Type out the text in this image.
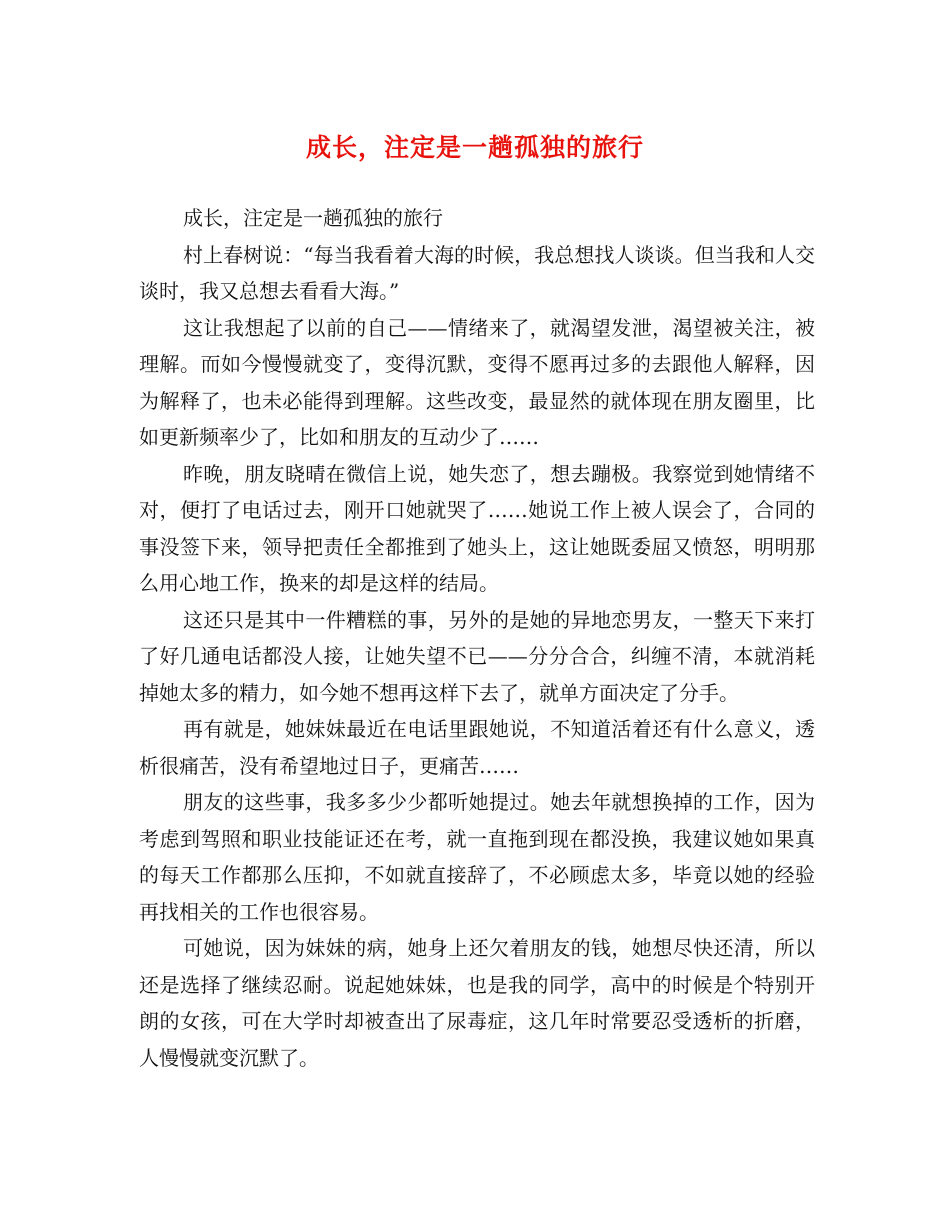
成长，注定是一趟孤独的旅行

成长，注定是一趟孤独的旅行

村上春树说：“每当我看着大海的时候，我总想找人谈谈。但当我和人交谈时，我又总想去看看大海。”

这让我想起了以前的自己——情绪来了，就渴望发泄，渴望被关注，被理解。而如今慢慢就变了，变得沉默，变得不愿再过多的去跟他人解释，因为解释了，也未必能得到理解。这些改变，最显然的就体现在朋友圈里，比如更新频率少了，比如和朋友的互动少了……

昨晚，朋友晓晴在微信上说，她失恋了，想去蹦极。我察觉到她情绪不对，便打了电话过去，刚开口她就哭了……她说工作上被人误会了，合同的事没签下来，领导把责任全都推到了她头上，这让她既委屈又愤怒，明明那么用心地工作，换来的却是这样的结局。

这还只是其中一件糟糕的事，另外的是她的异地恋男友，一整天下来打了好几通电话都没人接，让她失望不已——分分合合，纠缠不清，本就消耗掉她太多的精力，如今她不想再这样下去了，就单方面决定了分手。

再有就是，她妹妹最近在电话里跟她说，不知道活着还有什么意义，透析很痛苦，没有希望地过日子，更痛苦……

朋友的这些事，我多多少少都听她提过。她去年就想换掉的工作，因为考虑到驾照和职业技能证还在考，就一直拖到现在都没换，我建议她如果真的每天工作都那么压抑，不如就直接辞了，不必顾虑太多，毕竟以她的经验再找相关的工作也很容易。

可她说，因为妹妹的病，她身上还欠着朋友的钱，她想尽快还清，所以还是选择了继续忍耐。说起她妹妹，也是我的同学，高中的时候是个特别开朗的女孩，可在大学时却被查出了尿毒症，这几年时常要忍受透析的折磨，人慢慢就变沉默了。
